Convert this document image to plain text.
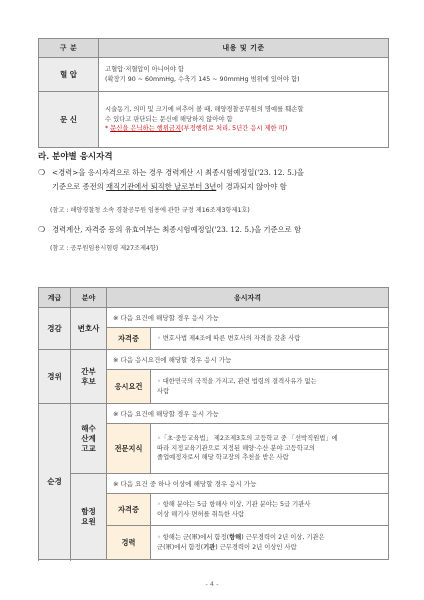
구 분	내용 및 기준
혈 압	고혈압·저혈압이 아니어야 함
(확장기 90 ~ 60mmHg, 수축기 145 ~ 90mmHg 범위에 있어야 함)

문 신	시술동기, 의미 및 크기에 비추어 볼 때, 해양경찰공무원의 명예를 훼손할
수 있다고 판단되는 문신에 해당하지 않아야 함
* 문신을 은닉하는 행위금지(부정행위로 처리, 5년간 응시 제한 可)
라. 분야별 응시자격
❍ <경력>을 응시자격으로 하는 경우 경력계산 시 최종시험예정일('23. 12. 5.)을
기준으로 종전의 재직기관에서 퇴직한 날로부터 3년이 경과되지 않아야 함
(참고 : 해양경찰청 소속 경찰공무원 임용에 관한 규정 제16조제3항제1호)
❍ 경력계산, 자격증 등의 유효여부는 최종시험예정일('23. 12. 5.)을 기준으로 함
(참고 : 공무원임용시험령 제27조제4항)
계급	분야	응시자격	
경감	변호사	※ 다음 요건에 해당할 경우 응시 가능	
		자격증	◦ 변호사법 제4조에 따른 변호사의 자격을 갖춘 사람
경위	간부
후보	※ 다음 응시요건에 해당할 경우 응시 가능	
		응시요건	◦ 대한민국의 국적을 가지고, 관련 법령의 결격사유가 없는
사람

순경	해수
산계
고교	※ 다음 요건에 해당할 경우 응시 가능	
		전문지식	◦「초·중등교육법」 제2조제3호의 고등학교 중 「선박직원법」에
따라 지정교육기관으로 지정된 해양·수산 분야 고등학교의
졸업예정자로서 해당 학교장의 추천을 받은 사람

	함정
요원	※ 다음 요건 중 하나 이상에 해당할 경우 응시 가능	
		자격증	◦ 항해 분야는 5급 항해사 이상, 기관 분야는 5급 기관사
이상 해기사 면허를 취득한 사람

		경력	◦ 항해는 군(軍)에서 함정(항해) 근무경력이 2년 이상, 기관은
군(軍)에서 함정(기관) 근무경력이 2년 이상인 사람

- 4 -
